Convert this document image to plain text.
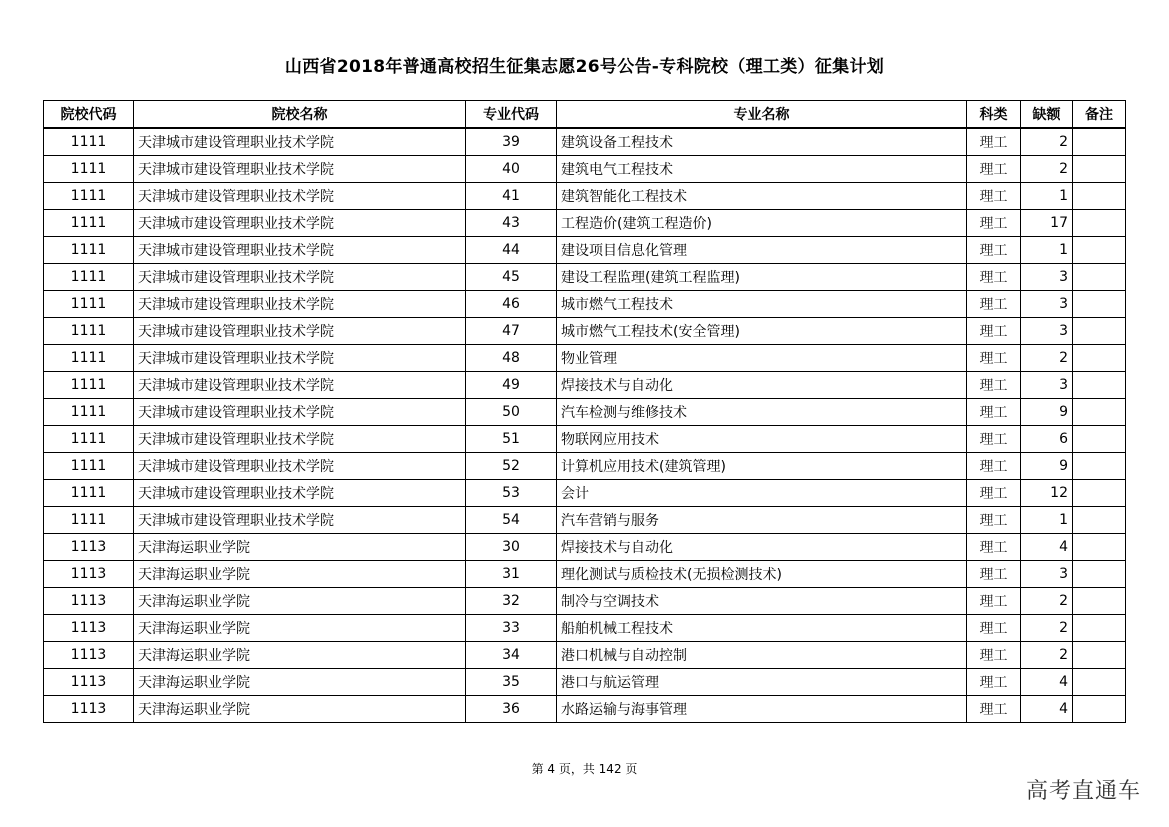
山西省2018年普通高校招生征集志愿26号公告-专科院校（理工类）征集计划
院校代码	院校名称	专业代码	专业名称	科类	缺额	备注
1111	天津城市建设管理职业技术学院	39	建筑设备工程技术	理工	2	
1111	天津城市建设管理职业技术学院	40	建筑电气工程技术	理工	2	
1111	天津城市建设管理职业技术学院	41	建筑智能化工程技术	理工	1	
1111	天津城市建设管理职业技术学院	43	工程造价(建筑工程造价)	理工	17	
1111	天津城市建设管理职业技术学院	44	建设项目信息化管理	理工	1	
1111	天津城市建设管理职业技术学院	45	建设工程监理(建筑工程监理)	理工	3	
1111	天津城市建设管理职业技术学院	46	城市燃气工程技术	理工	3	
1111	天津城市建设管理职业技术学院	47	城市燃气工程技术(安全管理)	理工	3	
1111	天津城市建设管理职业技术学院	48	物业管理	理工	2	
1111	天津城市建设管理职业技术学院	49	焊接技术与自动化	理工	3	
1111	天津城市建设管理职业技术学院	50	汽车检测与维修技术	理工	9	
1111	天津城市建设管理职业技术学院	51	物联网应用技术	理工	6	
1111	天津城市建设管理职业技术学院	52	计算机应用技术(建筑管理)	理工	9	
1111	天津城市建设管理职业技术学院	53	会计	理工	12	
1111	天津城市建设管理职业技术学院	54	汽车营销与服务	理工	1	
1113	天津海运职业学院	30	焊接技术与自动化	理工	4	
1113	天津海运职业学院	31	理化测试与质检技术(无损检测技术)	理工	3	
1113	天津海运职业学院	32	制冷与空调技术	理工	2	
1113	天津海运职业学院	33	船舶机械工程技术	理工	2	
1113	天津海运职业学院	34	港口机械与自动控制	理工	2	
1113	天津海运职业学院	35	港口与航运管理	理工	4	
1113	天津海运职业学院	36	水路运输与海事管理	理工	4	
第 4 页，共 142 页
高考直通车
